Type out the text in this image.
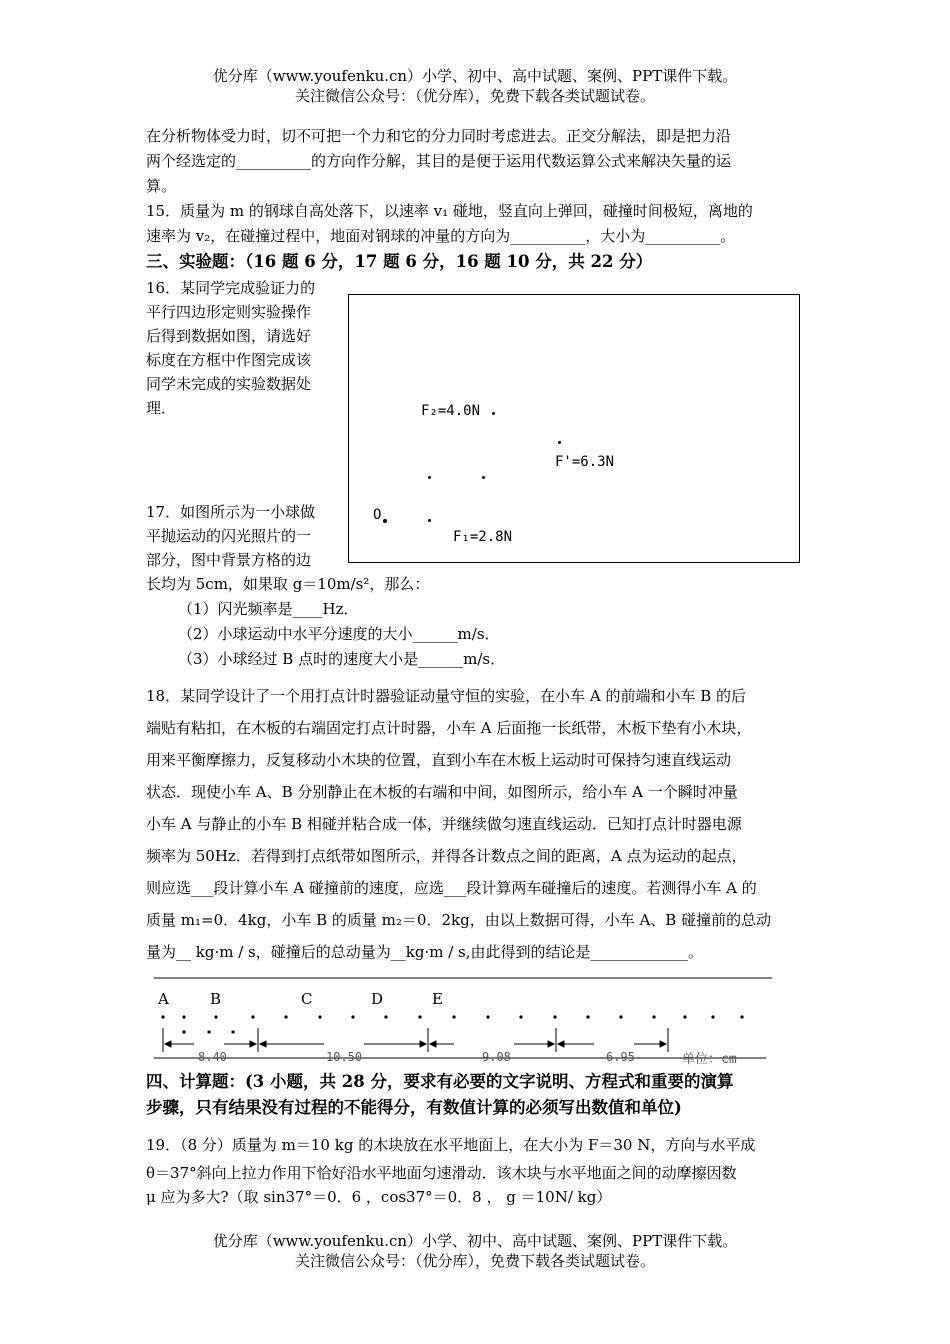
优分库（www.youfenku.cn）小学、初中、高中试题、案例、PPT课件下载。
关注微信公众号：（优分库），免费下载各类试题试卷。
在分析物体受力时，切不可把一个力和它的分力同时考虑进去。正交分解法，即是把力沿
两个经选定的__________的方向作分解，其目的是便于运用代数运算公式来解决矢量的运
算。
15．质量为 m 的钢球自高处落下，以速率 v₁ 碰地，竖直向上弹回，碰撞时间极短，离地的
速率为 v₂，在碰撞过程中，地面对钢球的冲量的方向为__________，大小为__________。
三、实验题：（16 题 6 分，17 题 6 分，16 题 10 分，共 22 分）
16．某同学完成验证力的
平行四边形定则实验操作
后得到数据如图，请选好
标度在方框中作图完成该
同学未完成的实验数据处
理．	F₂=4.0N
F'=6.3N
O
F₁=2.8N
17．如图所示为一小球做
平抛运动的闪光照片的一
部分，图中背景方格的边
长均为 5cm，如果取 g＝10m/s²，那么：
（1）闪光频率是____Hz．
（2）小球运动中水平分速度的大小______m/s．
（3）小球经过 B 点时的速度大小是______m/s．
18．某同学设计了一个用打点计时器验证动量守恒的实验，在小车 A 的前端和小车 B 的后
端贴有粘扣，在木板的右端固定打点计时器，小车 A 后面拖一长纸带，木板下垫有小木块，
用来平衡摩擦力，反复移动小木块的位置，直到小车在木板上运动时可保持匀速直线运动
状态．现使小车 A、B 分别静止在木板的右端和中间，如图所示，给小车 A 一个瞬时冲量
小车 A 与静止的小车 B 相碰并粘合成一体，并继续做匀速直线运动．已知打点计时器电源
频率为 50Hz．若得到打点纸带如图所示，并得各计数点之间的距离，A 点为运动的起点，
则应选___段计算小车 A 碰撞前的速度，应选___段计算两车碰撞后的速度。若测得小车 A 的
质量 m₁=0．4kg，小车 B 的质量 m₂＝0．2kg，由以上数据可得，小车 A、B 碰撞前的总动
量为__ kg·m / s，碰撞后的总动量为__kg·m / s,由此得到的结论是_____________。
A	B	C	D	E
8.40	10.50	9.08	6.95	单位：cm
四、计算题：(3 小题，共 28 分，要求有必要的文字说明、方程式和重要的演算
步骤，只有结果没有过程的不能得分，有数值计算的必须写出数值和单位)
19．（8 分）质量为 m＝10 kg 的木块放在水平地面上，在大小为 F＝30 N，方向与水平成
θ＝37°斜向上拉力作用下恰好沿水平地面匀速滑动．该木块与水平地面之间的动摩擦因数
μ 应为多大?（取 sin37°＝0．6 ，cos37°＝0．8 ， g ＝10N/ kg）
优分库（www.youfenku.cn）小学、初中、高中试题、案例、PPT课件下载。
关注微信公众号：（优分库），免费下载各类试题试卷。
